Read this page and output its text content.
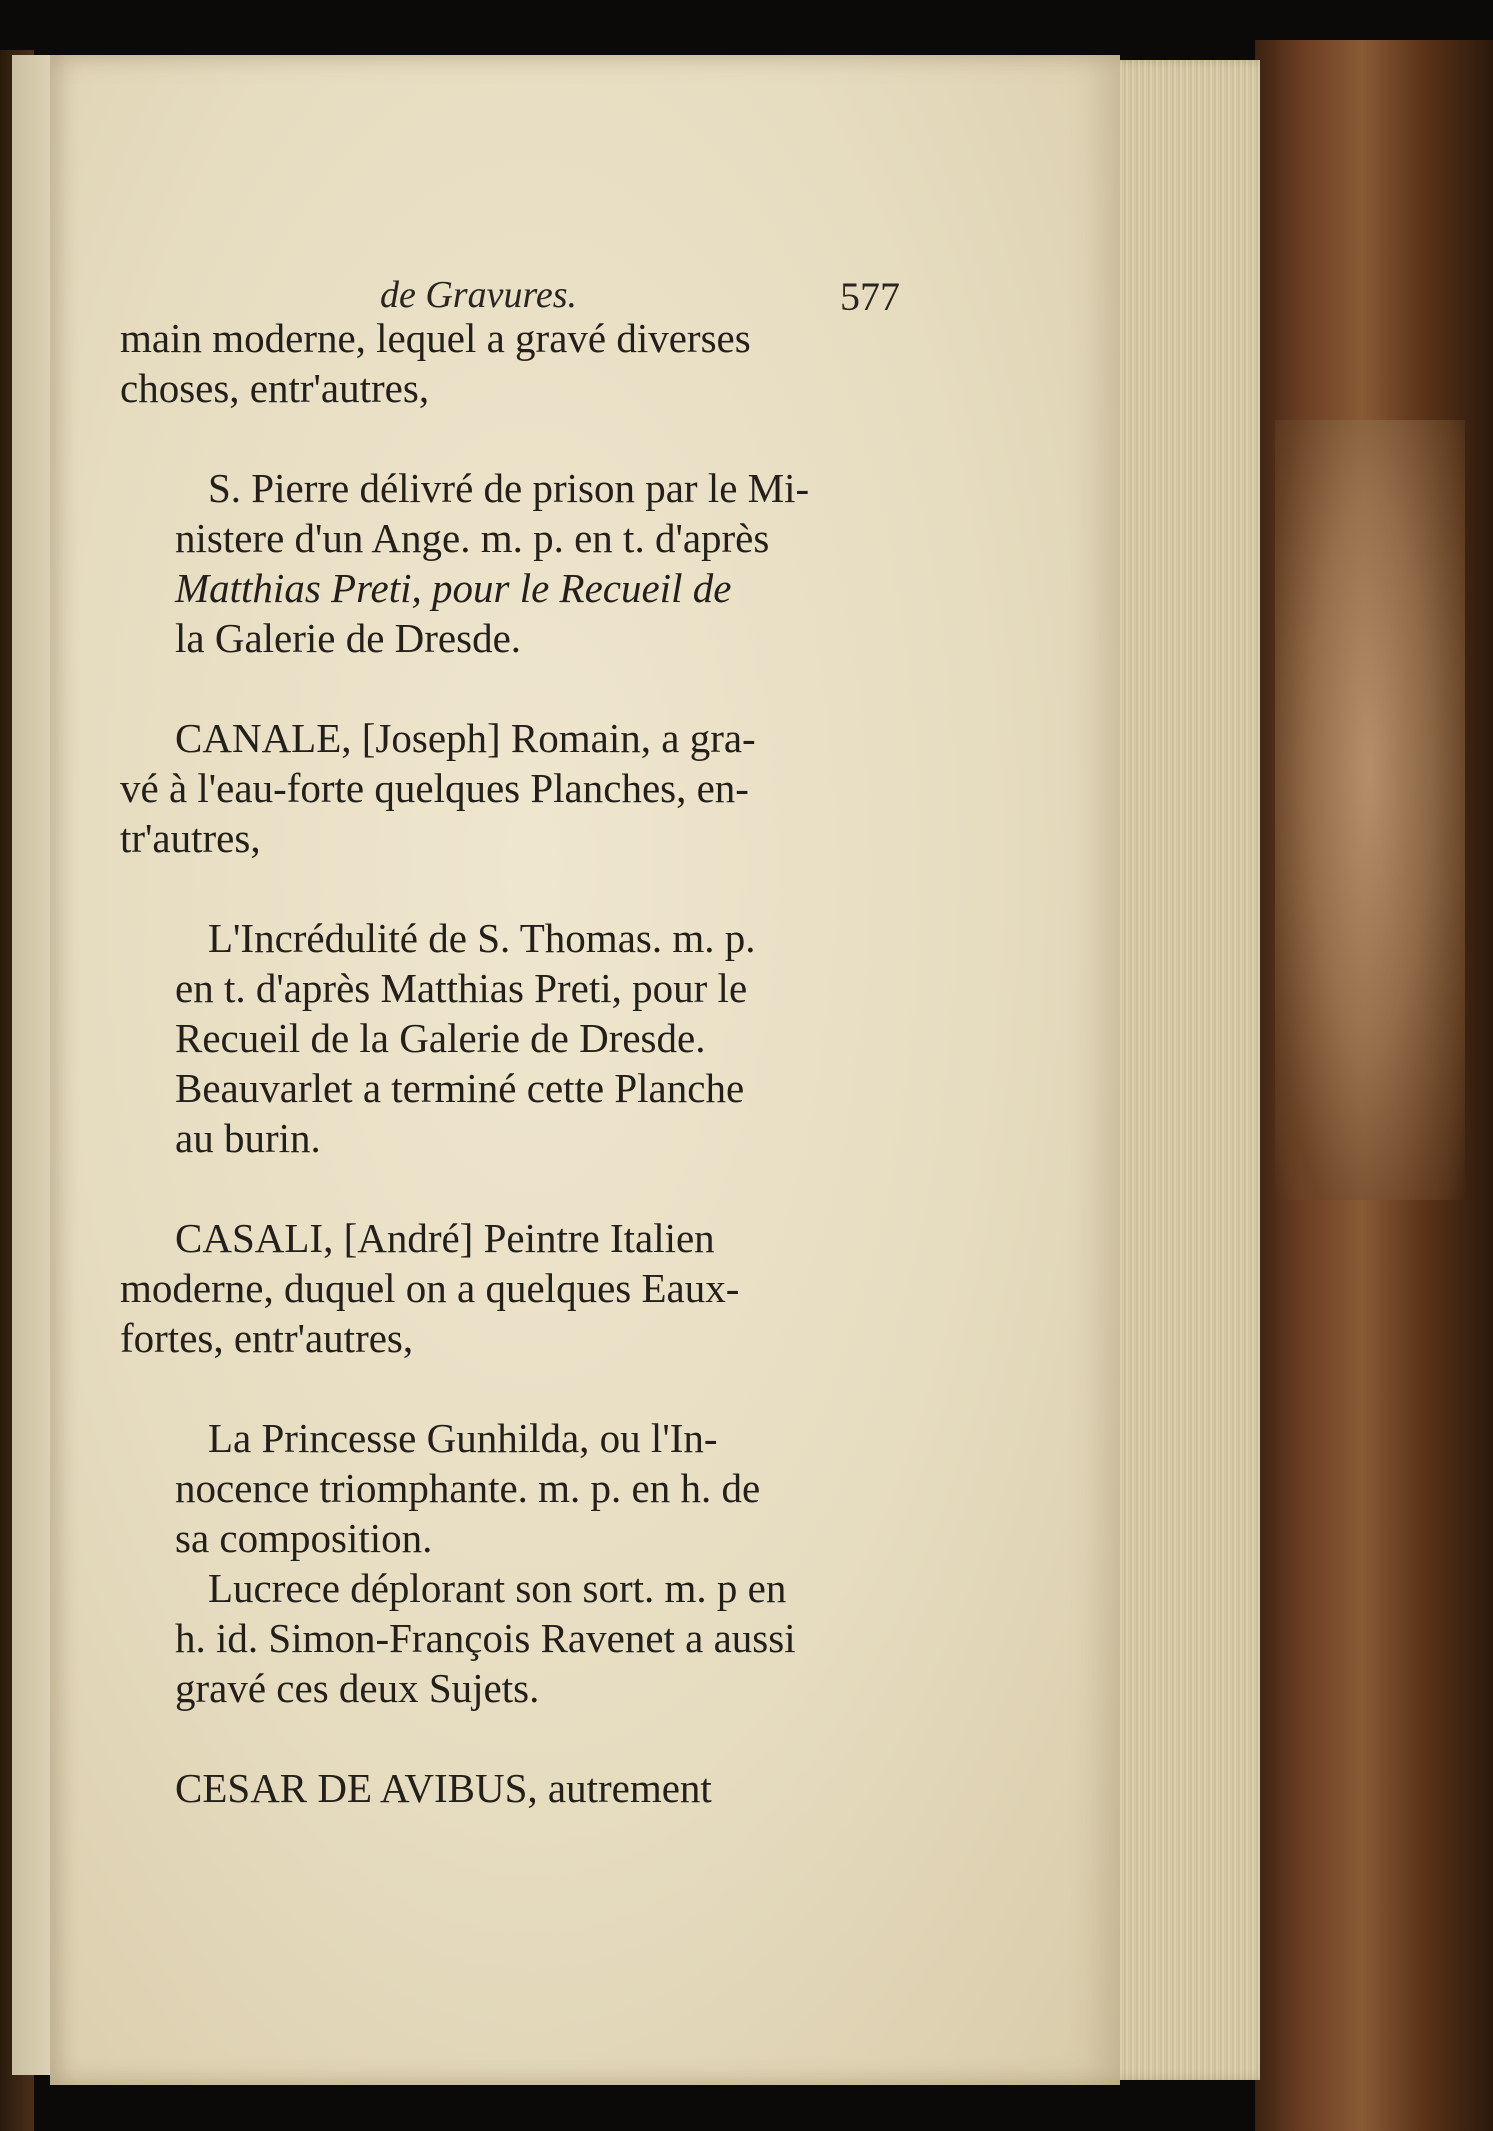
de Gravures.	577
main moderne, lequel a gravé diverses
choses, entr'autres,
S. Pierre délivré de prison par le Mi-
nistere d'un Ange. m. p. en t. d'après
Matthias Preti, pour le Recueil de
la Galerie de Dresde.
CANALE, [Joseph] Romain, a gra-
vé à l'eau-forte quelques Planches, en-
tr'autres,
L'Incrédulité de S. Thomas. m. p.
en t. d'après Matthias Preti, pour le
Recueil de la Galerie de Dresde.
Beauvarlet a terminé cette Planche
au burin.
CASALI, [André] Peintre Italien
moderne, duquel on a quelques Eaux-
fortes, entr'autres,
La Princesse Gunhilda, ou l'In-
nocence triomphante. m. p. en h. de
sa composition.
Lucrece déplorant son sort. m. p en
h. id. Simon-François Ravenet a aussi
gravé ces deux Sujets.
CESAR DE AVIBUS, autrement
